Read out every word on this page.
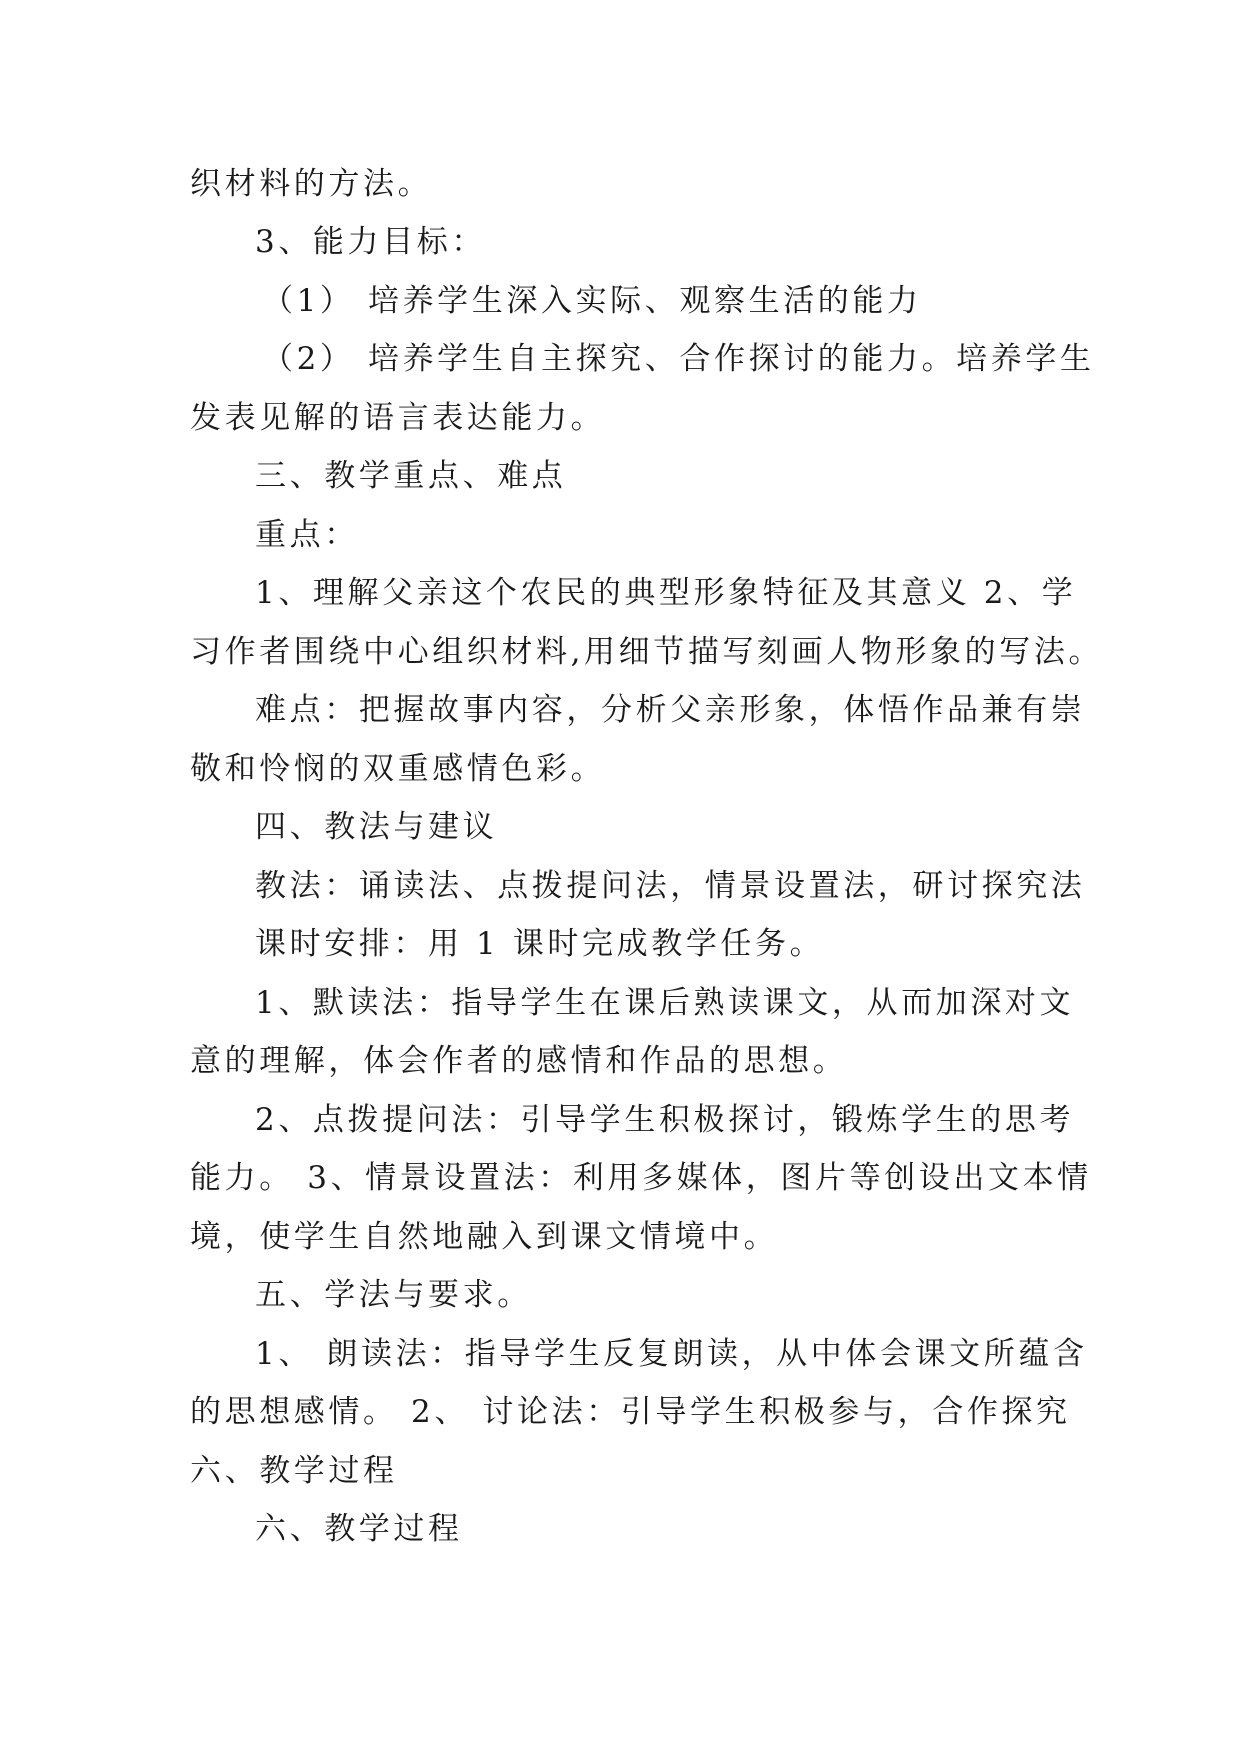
织材料的方法。
3、能力目标：
（1） 培养学生深入实际、观察生活的能力
（2） 培养学生自主探究、合作探讨的能力。培养学生
发表见解的语言表达能力。
三、教学重点、难点
重点：
1、理解父亲这个农民的典型形象特征及其意义 2、学
习作者围绕中心组织材料,用细节描写刻画人物形象的写法。
难点：把握故事内容，分析父亲形象，体悟作品兼有崇
敬和怜悯的双重感情色彩。
四、教法与建议
教法：诵读法、点拨提问法，情景设置法，研讨探究法
课时安排：用 1 课时完成教学任务。
1、默读法：指导学生在课后熟读课文，从而加深对文
意的理解，体会作者的感情和作品的思想。
2、点拨提问法：引导学生积极探讨，锻炼学生的思考
能力。 3、情景设置法：利用多媒体，图片等创设出文本情
境，使学生自然地融入到课文情境中。
五、学法与要求。
1、 朗读法：指导学生反复朗读，从中体会课文所蕴含
的思想感情。 2、 讨论法：引导学生积极参与，合作探究
六、教学过程
六、教学过程
